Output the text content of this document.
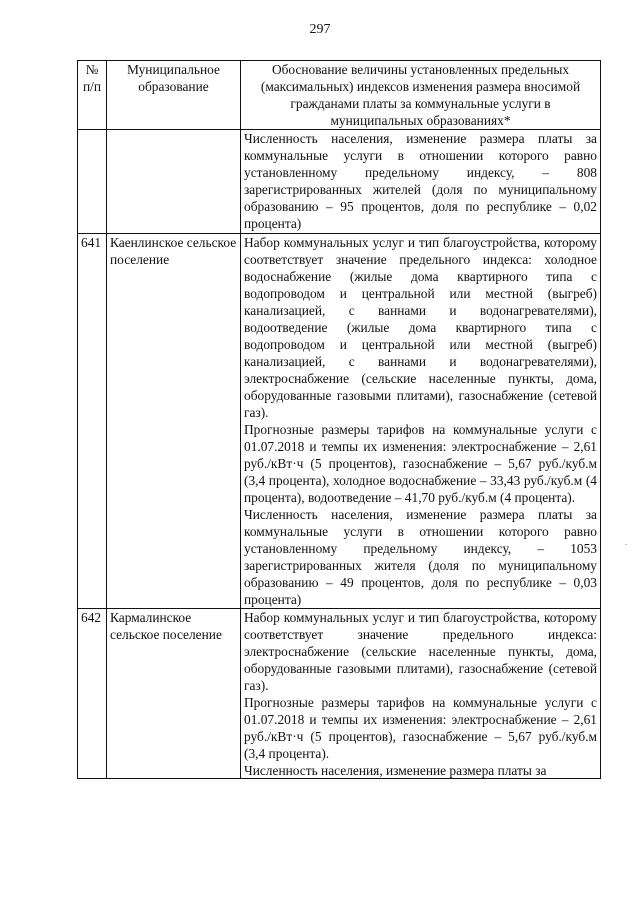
297
№ п/п	Муниципальное образование	Обоснование величины установленных предельных (максимальных) индексов изменения размера вносимой гражданами платы за коммунальные услуги в муниципальных образованиях*

		Численность населения, изменение размера платы за коммунальные услуги в отношении которого равно установленному предельному индексу, – 808 зарегистрированных жителей (доля по муниципальному образованию – 95 процентов, доля по республике – 0,02 процента)

641	Каенлинское сельское поселение	Набор коммунальных услуг и тип благоустройства, которому соответствует значение предельного индекса: холодное водоснабжение (жилые дома квартирного типа с водопроводом и центральной или местной (выгреб) канализацией, с ваннами и водонагревателями), водоотведение (жилые дома квартирного типа с водопроводом и центральной или местной (выгреб) канализацией, с ваннами и водонагревателями), электроснабжение (сельские населенные пункты, дома, оборудованные газовыми плитами), газоснабжение (сетевой газ).

Прогнозные размеры тарифов на коммунальные услуги с 01.07.2018 и темпы их изменения: электроснабжение – 2,61 руб./кВт·ч (5 процентов), газоснабжение – 5,67 руб./куб.м (3,4 процента), холодное водоснабжение – 33,43 руб./куб.м (4 процента), водоотведение – 41,70 руб./куб.м (4 процента).

Численность населения, изменение размера платы за коммунальные услуги в отношении которого равно установленному предельному индексу, – 1053 зарегистрированных жителя (доля по муниципальному образованию – 49 процентов, доля по республике – 0,03 процента)

642	Кармалинское сельское поселение	Набор коммунальных услуг и тип благоустройства, которому соответствует значение предельного индекса: электроснабжение (сельские населенные пункты, дома, оборудованные газовыми плитами), газоснабжение (сетевой газ).

Прогнозные размеры тарифов на коммунальные услуги с 01.07.2018 и темпы их изменения: электроснабжение – 2,61 руб./кВт·ч (5 процентов), газоснабжение – 5,67 руб./куб.м (3,4 процента).

Численность населения, изменение размера платы за

.
